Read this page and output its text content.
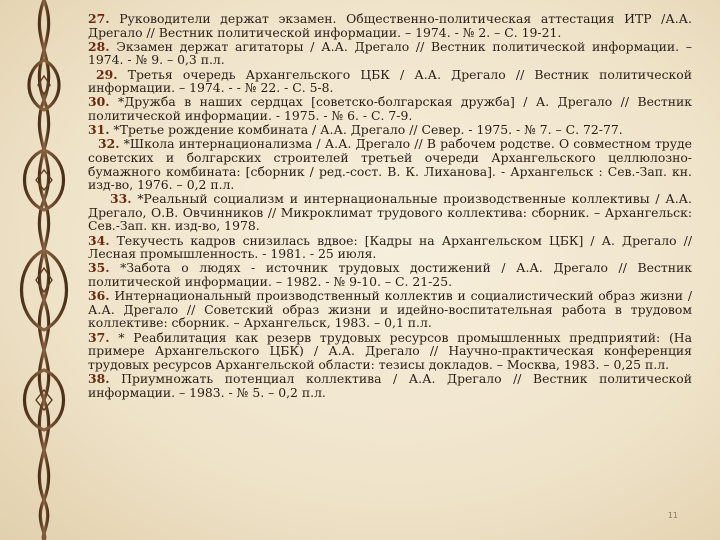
27. Руководители держат экзамен. Общественно-политическая аттестация ИТР /А.А. Дрегало // Вестник политической информации. – 1974. - № 2. – С. 19-21.

28. Экзамен держат агитаторы / А.А. Дрегало // Вестник политической информации. – 1974. - № 9. – 0,3 п.л.

29. Третья очередь Архангельского ЦБК / А.А. Дрегало // Вестник политической информации. – 1974. - - № 22. - С. 5-8.

30. *Дружба в наших сердцах [советско-болгарская дружба] / А. Дрегало // Вестник политической информации. - 1975. - № 6. - С. 7-9.

31. *Третье рождение комбината / А.А. Дрегало // Север. - 1975. - № 7. – С. 72-77.

32. *Школа интернационализма / А.А. Дрегало // В рабочем родстве. О совместном труде советских и болгарских строителей третьей очереди Архангельского целлюлозно-бумажного комбината: [сборник / ред.-сост. В. К. Лиханова]. - Архангельск : Сев.-Зап. кн. изд-во, 1976. – 0,2 п.л.

33. *Реальный социализм и интернациональные производственные коллективы / А.А. Дрегало, О.В. Овчинников // Микроклимат трудового коллектива: сборник. – Архангельск: Сев.-Зап. кн. изд-во, 1978.

34. Текучесть кадров снизилась вдвое: [Кадры на Архангельском ЦБК] / А. Дрегало // Лесная промышленность. - 1981. - 25 июля.

35. *Забота о людях - источник трудовых достижений / А.А. Дрегало // Вестник политической информации. – 1982. - № 9-10. – С. 21-25.

36. Интернациональный производственный коллектив и социалистический образ жизни / А.А. Дрегало // Советский образ жизни и идейно-воспитательная работа в трудовом коллективе: сборник. – Архангельск, 1983. – 0,1 п.л.

37. * Реабилитация как резерв трудовых ресурсов промышленных предприятий: (На примере Архангельского ЦБК) / А.А. Дрегало // Научно-практическая конференция трудовых ресурсов Архангельской области: тезисы докладов. – Москва, 1983. – 0,25 п.л.

38. Приумножать потенциал коллектива / А.А. Дрегало // Вестник политической информации. – 1983. - № 5. – 0,2 п.л.

11
